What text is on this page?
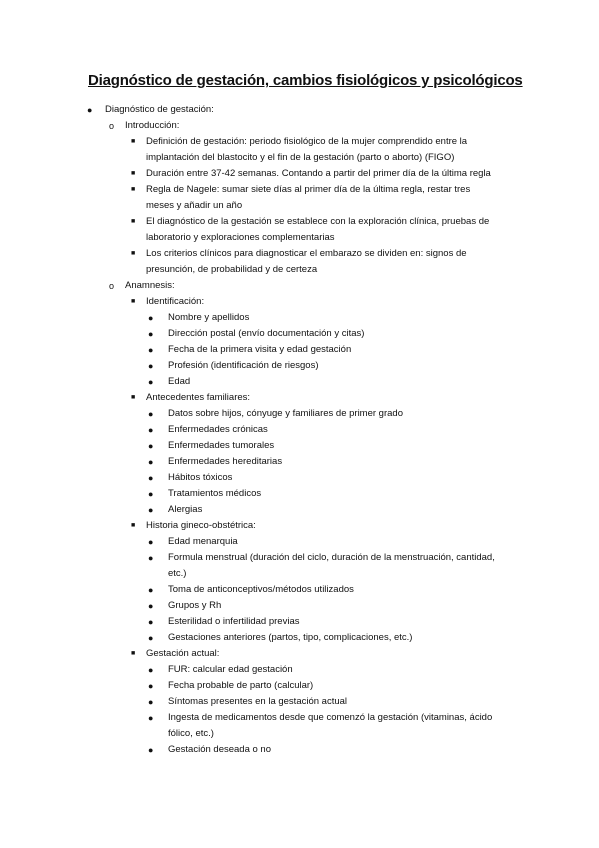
Diagnóstico de gestación, cambios fisiológicos y psicológicos
● Diagnóstico de gestación:
o Introducción:
■ Definición de gestación: periodo fisiológico de la mujer comprendido entre la implantación del blastocito y el fin de la gestación (parto o aborto) (FIGO)
■ Duración entre 37-42 semanas. Contando a partir del primer día de la última regla
■ Regla de Nagele: sumar siete días al primer día de la última regla, restar tres meses y añadir un año
■ El diagnóstico de la gestación se establece con la exploración clínica, pruebas de laboratorio y exploraciones complementarias
■ Los criterios clínicos para diagnosticar el embarazo se dividen en: signos de presunción, de probabilidad y de certeza
o Anamnesis:
■ Identificación:
● Nombre y apellidos
● Dirección postal (envío documentación y citas)
● Fecha de la primera visita y edad gestación
● Profesión (identificación de riesgos)
● Edad
■ Antecedentes familiares:
● Datos sobre hijos, cónyuge y familiares de primer grado
● Enfermedades crónicas
● Enfermedades tumorales
● Enfermedades hereditarias
● Hábitos tóxicos
● Tratamientos médicos
● Alergias
■ Historia gineco-obstétrica:
● Edad menarquia
● Formula menstrual (duración del ciclo, duración de la menstruación, cantidad, etc.)
● Toma de anticonceptivos/métodos utilizados
● Grupos y Rh
● Esterilidad o infertilidad previas
● Gestaciones anteriores (partos, tipo, complicaciones, etc.)
■ Gestación actual:
● FUR: calcular edad gestación
● Fecha probable de parto (calcular)
● Síntomas presentes en la gestación actual
● Ingesta de medicamentos desde que comenzó la gestación (vitaminas, ácido fólico, etc.)
● Gestación deseada o no
